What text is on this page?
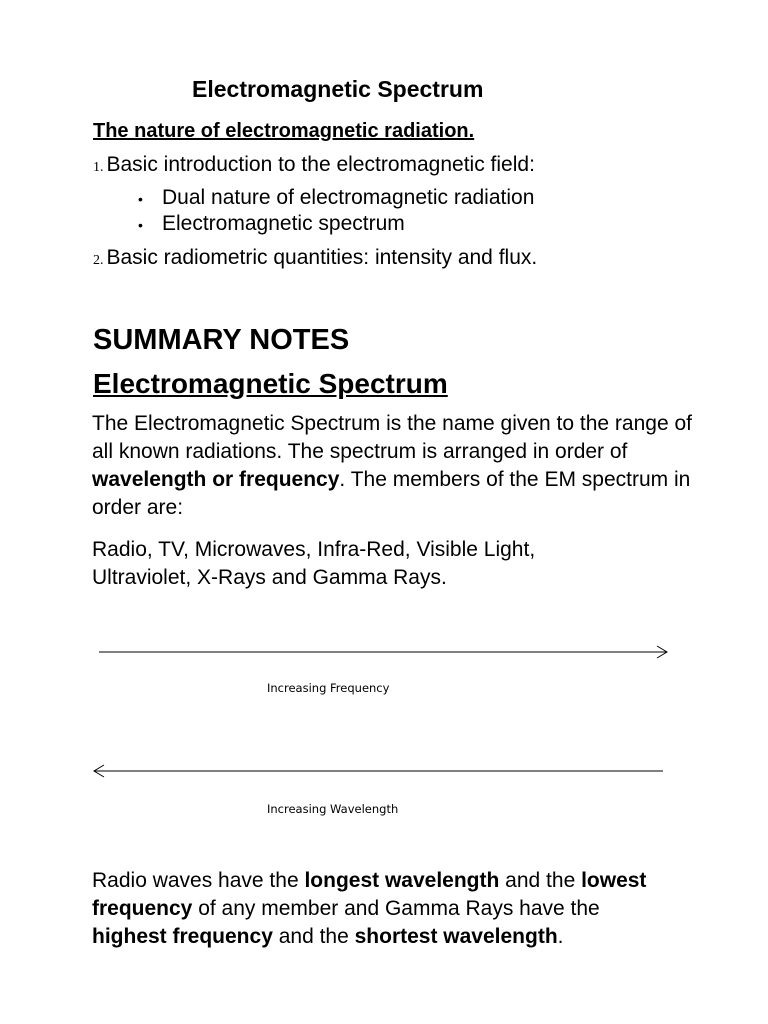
Electromagnetic Spectrum
The nature of electromagnetic radiation.
1. Basic introduction to the electromagnetic field:
• Dual nature of electromagnetic radiation
• Electromagnetic spectrum
2. Basic radiometric quantities: intensity and flux.
SUMMARY NOTES
Electromagnetic Spectrum

The Electromagnetic Spectrum is the name given to the range of all known radiations. The spectrum is arranged in order of wavelength or frequency. The members of the EM spectrum in order are:

Radio, TV, Microwaves, Infra-Red, Visible Light, Ultraviolet, X-Rays and Gamma Rays.

Increasing Frequency
Increasing Wavelength

Radio waves have the longest wavelength and the lowest frequency of any member and Gamma Rays have the highest frequency and the shortest wavelength.
